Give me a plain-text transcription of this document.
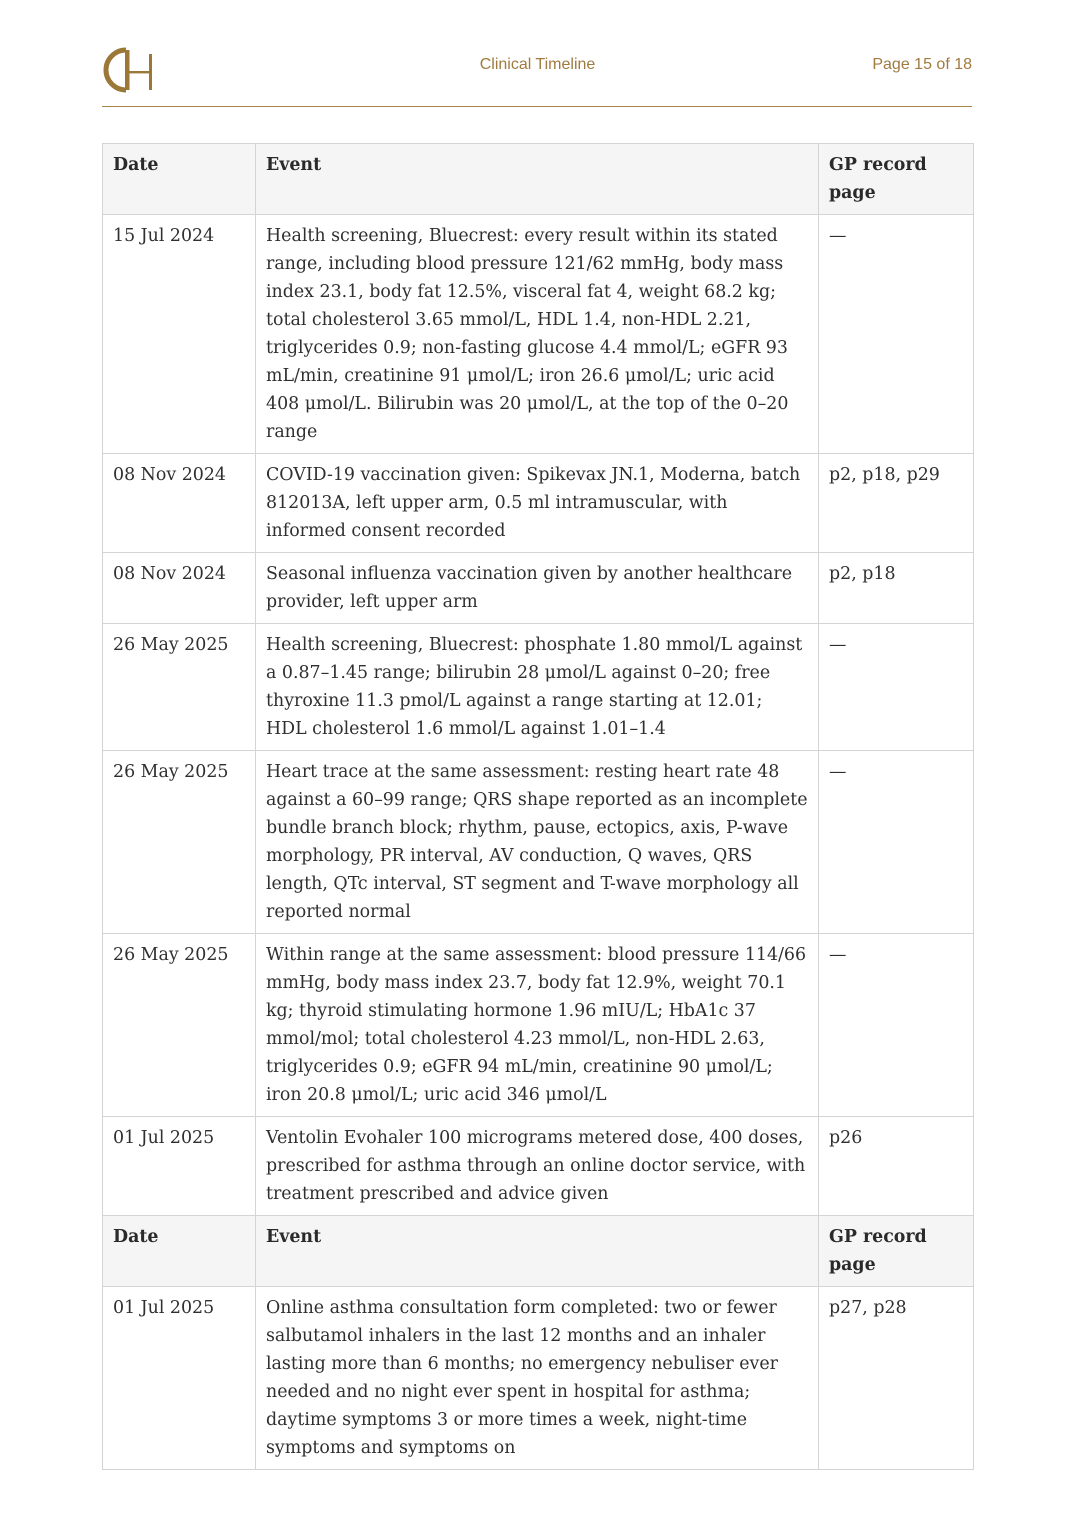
Clinical Timeline	Page 15 of 18
Date	Event	GP record page
15 Jul 2024	Health screening, Bluecrest: every result within its stated range, including blood pressure 121/62 mmHg, body mass index 23.1, body fat 12.5%, visceral fat 4, weight 68.2 kg; total cholesterol 3.65 mmol/L, HDL 1.4, non-HDL 2.21, triglycerides 0.9; non-fasting glucose 4.4 mmol/L; eGFR 93 mL/min, creatinine 91 μmol/L; iron 26.6 μmol/L; uric acid 408 μmol/L. Bilirubin was 20 μmol/L, at the top of the 0–20 range	—
08 Nov 2024	COVID-19 vaccination given: Spikevax JN.1, Moderna, batch 812013A, left upper arm, 0.5 ml intramuscular, with informed consent recorded	p2, p18, p29
08 Nov 2024	Seasonal influenza vaccination given by another healthcare provider, left upper arm	p2, p18
26 May 2025	Health screening, Bluecrest: phosphate 1.80 mmol/L against a 0.87–1.45 range; bilirubin 28 μmol/L against 0–20; free thyroxine 11.3 pmol/L against a range starting at 12.01; HDL cholesterol 1.6 mmol/L against 1.01–1.4	—
26 May 2025	Heart trace at the same assessment: resting heart rate 48 against a 60–99 range; QRS shape reported as an incomplete bundle branch block; rhythm, pause, ectopics, axis, P-wave morphology, PR interval, AV conduction, Q waves, QRS length, QTc interval, ST segment and T-wave morphology all reported normal	—
26 May 2025	Within range at the same assessment: blood pressure 114/66 mmHg, body mass index 23.7, body fat 12.9%, weight 70.1 kg; thyroid stimulating hormone 1.96 mIU/L; HbA1c 37 mmol/mol; total cholesterol 4.23 mmol/L, non-HDL 2.63, triglycerides 0.9; eGFR 94 mL/min, creatinine 90 μmol/L; iron 20.8 μmol/L; uric acid 346 μmol/L	—
01 Jul 2025	Ventolin Evohaler 100 micrograms metered dose, 400 doses, prescribed for asthma through an online doctor service, with treatment prescribed and advice given	p26
Date	Event	GP record page
01 Jul 2025	Online asthma consultation form completed: two or fewer salbutamol inhalers in the last 12 months and an inhaler lasting more than 6 months; no emergency nebuliser ever needed and no night ever spent in hospital for asthma; daytime symptoms 3 or more times a week, night-time symptoms and symptoms on	p27, p28
